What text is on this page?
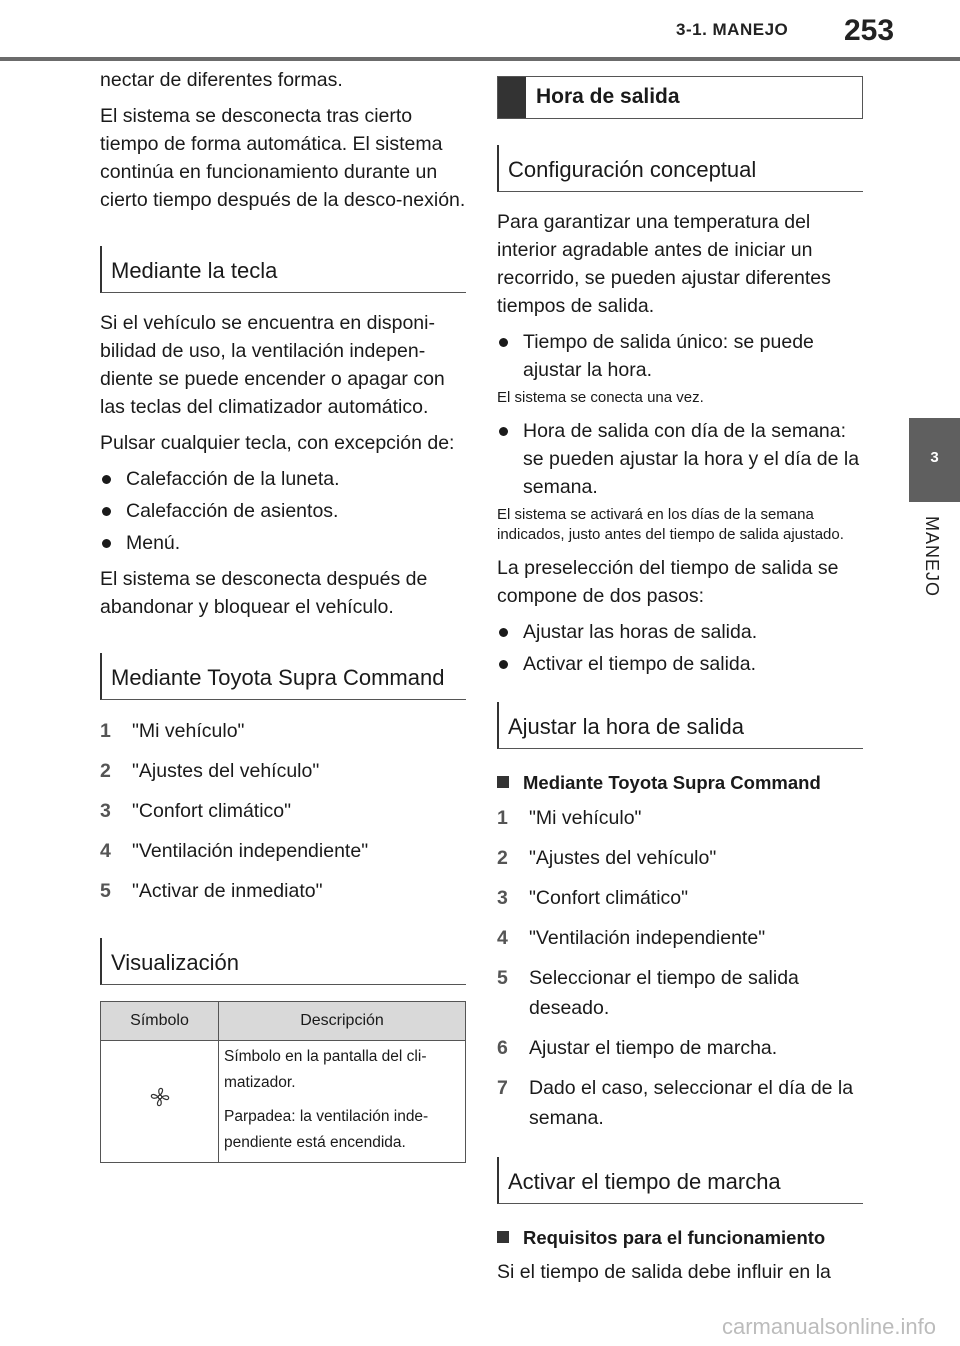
3-1. MANEJO 253
3
MANEJO

nectar de diferentes formas.

El sistema se desconecta tras cierto tiempo de forma automática. El sistema continúa en funcionamiento durante un cierto tiempo después de la desco-nexión.

Mediante la tecla

Si el vehículo se encuentra en disponi-bilidad de uso, la ventilación indepen-diente se puede encender o apagar con las teclas del climatizador automático.

Pulsar cualquier tecla, con excepción de:

Calefacción de la luneta.
Calefacción de asientos.
Menú.

El sistema se desconecta después de abandonar y bloquear el vehículo.

Mediante Toyota Supra Command
1	"Mi vehículo"
2	"Ajustes del vehículo"
3	"Confort climático"
4	"Ventilación independiente"
5	"Activar de inmediato"
Visualización
Símbolo	Descripción

Símbolo en la pantalla del cli-matizador.
Parpadea: la ventilación inde-pendiente está encendida.
Hora de salida
Configuración conceptual

Para garantizar una temperatura del interior agradable antes de iniciar un recorrido, se pueden ajustar diferentes tiempos de salida.

Tiempo de salida único: se puede ajustar la hora.

El sistema se conecta una vez.

Hora de salida con día de la semana: se pueden ajustar la hora y el día de la semana.

El sistema se activará en los días de la semana indicados, justo antes del tiempo de salida ajustado.

La preselección del tiempo de salida se compone de dos pasos:

Ajustar las horas de salida.
Activar el tiempo de salida.
Ajustar la hora de salida
Mediante Toyota Supra Command
1	"Mi vehículo"
2	"Ajustes del vehículo"
3	"Confort climático"
4	"Ventilación independiente"
5	Seleccionar el tiempo de salida deseado.
6	Ajustar el tiempo de marcha.
7	Dado el caso, seleccionar el día de la semana.
Activar el tiempo de marcha
Requisitos para el funcionamiento

Si el tiempo de salida debe influir en la

carmanualsonline.info
